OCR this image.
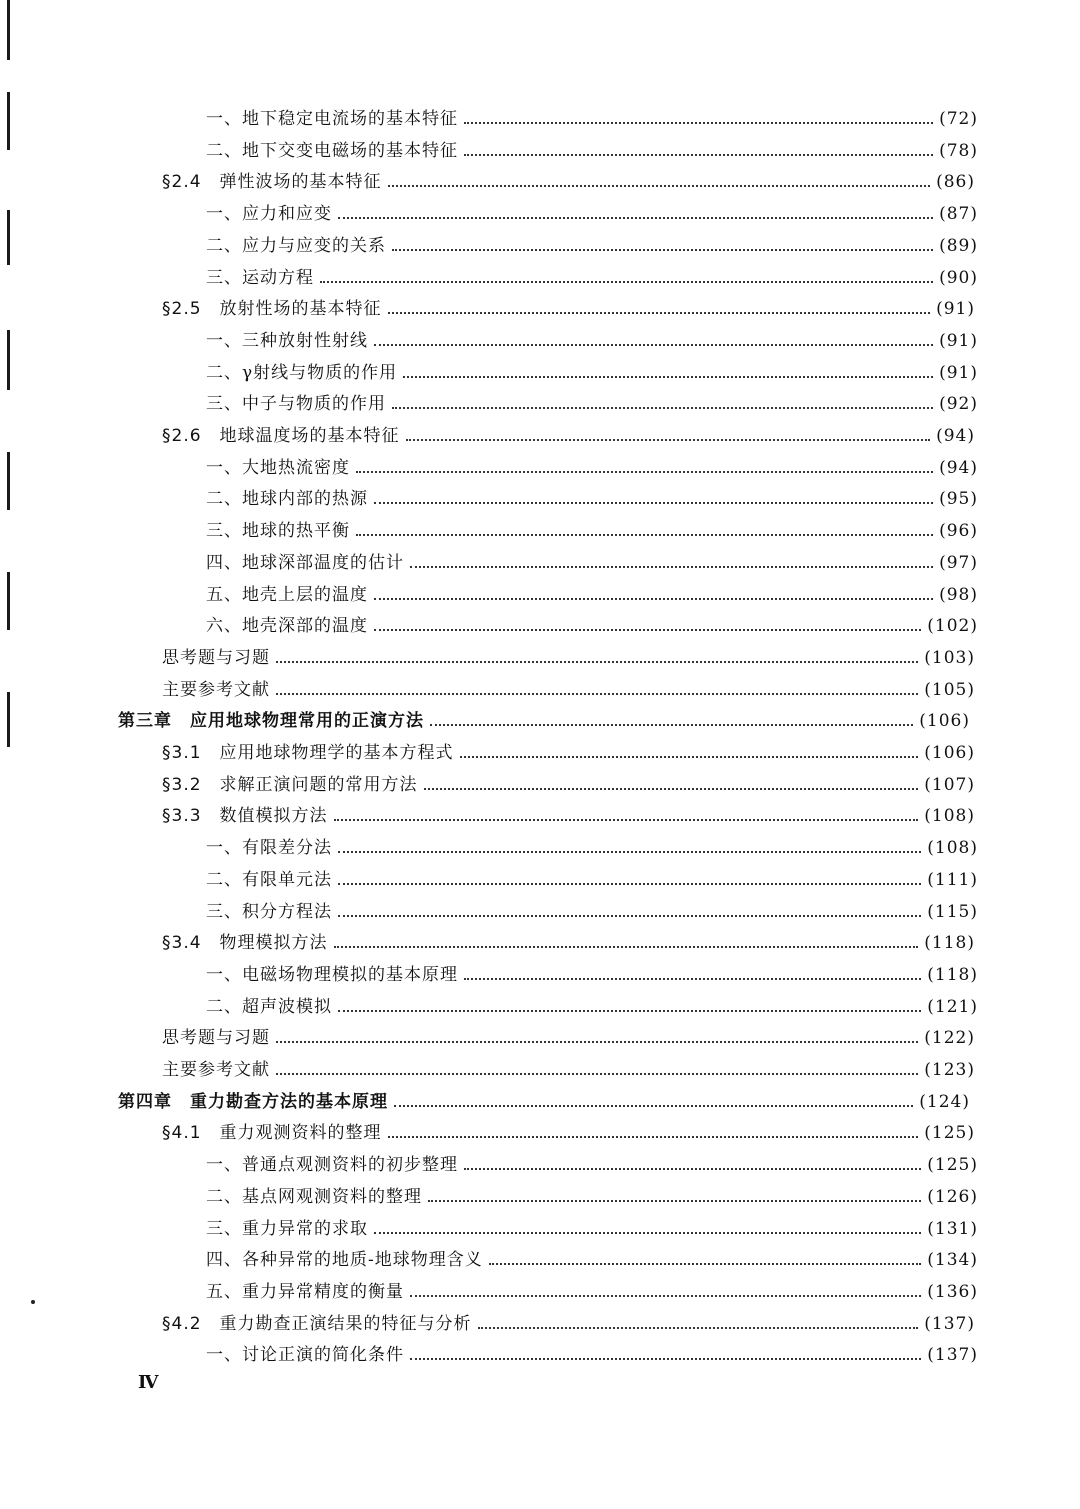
一、地下稳定电流场的基本特征	(72)
二、地下交变电磁场的基本特征	(78)
§2.4　弹性波场的基本特征	(86)
一、应力和应变	(87)
二、应力与应变的关系	(89)
三、运动方程	(90)
§2.5　放射性场的基本特征	(91)
一、三种放射性射线	(91)
二、γ射线与物质的作用	(91)
三、中子与物质的作用	(92)
§2.6　地球温度场的基本特征	(94)
一、大地热流密度	(94)
二、地球内部的热源	(95)
三、地球的热平衡	(96)
四、地球深部温度的估计	(97)
五、地壳上层的温度	(98)
六、地壳深部的温度	(102)
思考题与习题	(103)
主要参考文献	(105)
第三章　应用地球物理常用的正演方法	(106)
§3.1　应用地球物理学的基本方程式	(106)
§3.2　求解正演问题的常用方法	(107)
§3.3　数值模拟方法	(108)
一、有限差分法	(108)
二、有限单元法	(111)
三、积分方程法	(115)
§3.4　物理模拟方法	(118)
一、电磁场物理模拟的基本原理	(118)
二、超声波模拟	(121)
思考题与习题	(122)
主要参考文献	(123)
第四章　重力勘查方法的基本原理	(124)
§4.1　重力观测资料的整理	(125)
一、普通点观测资料的初步整理	(125)
二、基点网观测资料的整理	(126)
三、重力异常的求取	(131)
四、各种异常的地质-地球物理含义	(134)
五、重力异常精度的衡量	(136)
§4.2　重力勘查正演结果的特征与分析	(137)
一、讨论正演的简化条件	(137)
Ⅳ
